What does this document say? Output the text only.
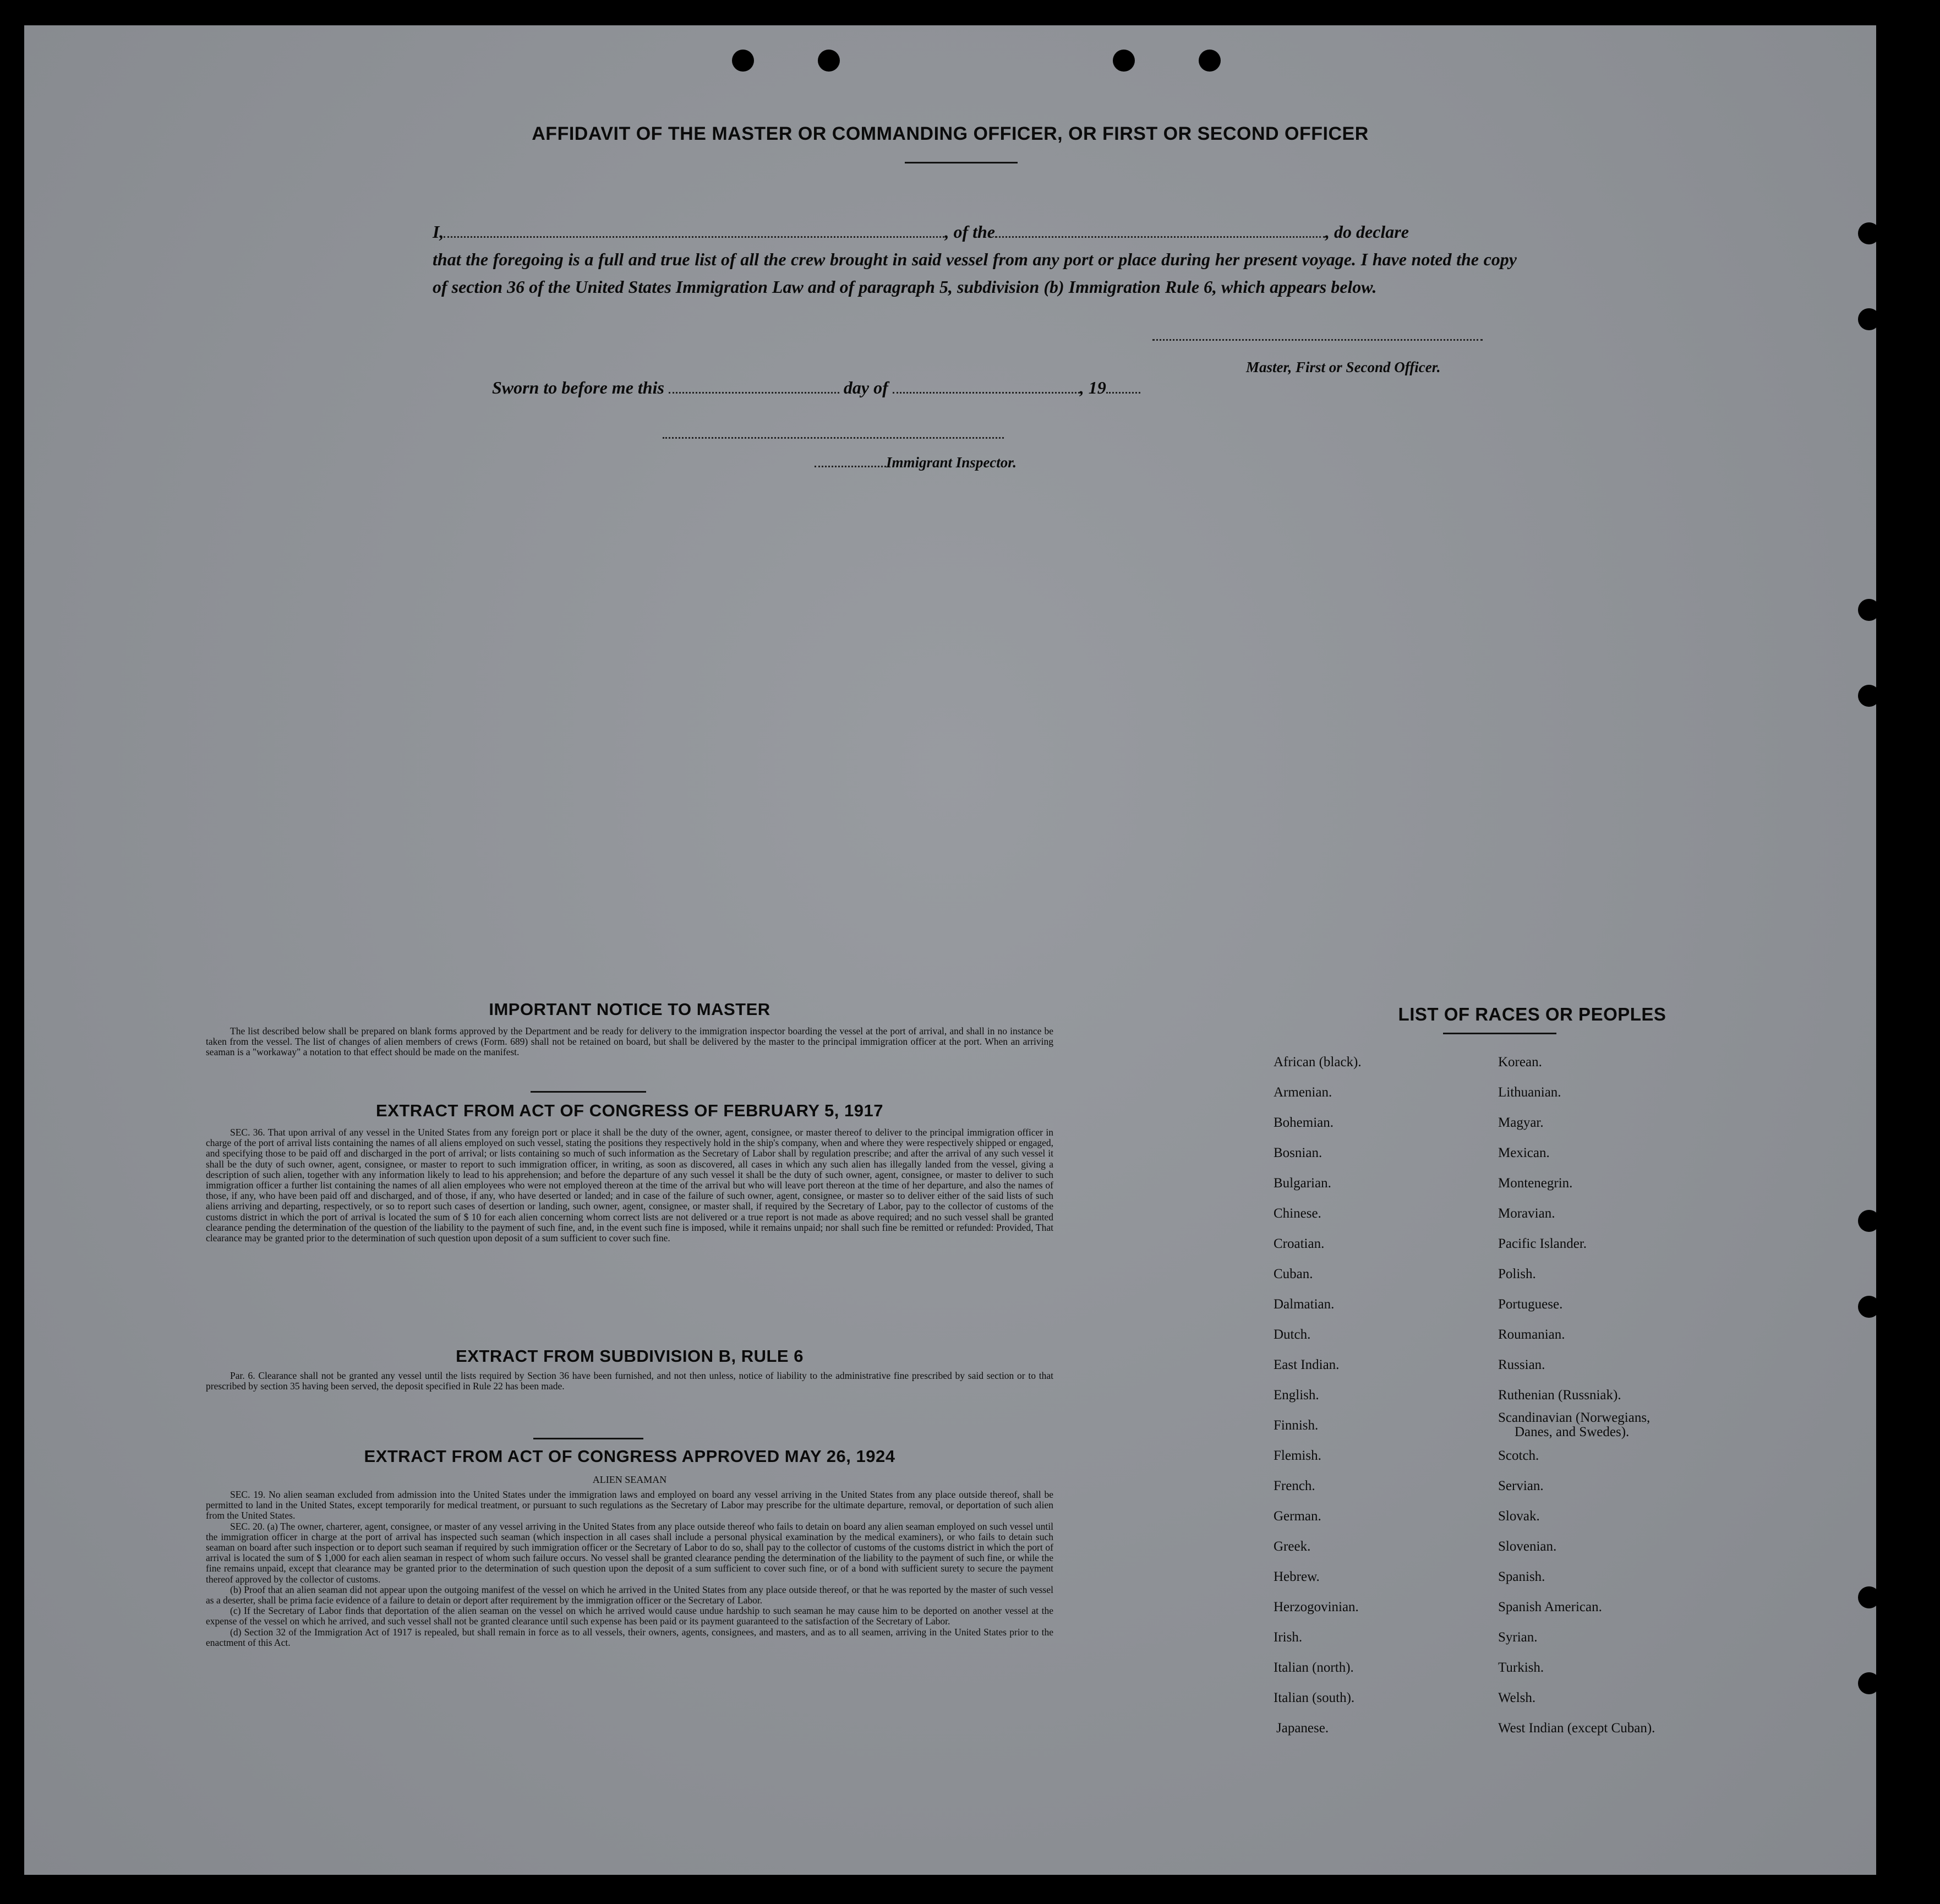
AFFIDAVIT OF THE MASTER OR COMMANDING OFFICER, OR FIRST OR SECOND OFFICER
I,	, of the	, do declare
that the foregoing is a full and true list of all the crew brought in said vessel from any port or place during her present voyage. I have noted the copy of section 36 of the United States Immigration Law and of paragraph 5, subdivision (b) Immigration Rule 6, which appears below.
Master, First or Second Officer.
Sworn to before me this	day of	, 19
Immigrant Inspector.
IMPORTANT NOTICE TO MASTER

The list described below shall be prepared on blank forms approved by the Department and be ready for delivery to the immigration inspector boarding the vessel at the port of arrival, and shall in no instance be taken from the vessel. The list of changes of alien members of crews (Form. 689) shall not be retained on board, but shall be delivered by the master to the principal immigration officer at the port. When an arriving seaman is a "workaway" a notation to that effect should be made on the manifest.

EXTRACT FROM ACT OF CONGRESS OF FEBRUARY 5, 1917

SEC. 36. That upon arrival of any vessel in the United States from any foreign port or place it shall be the duty of the owner, agent, consignee, or master thereof to deliver to the principal immigration officer in charge of the port of arrival lists containing the names of all aliens employed on such vessel, stating the positions they respectively hold in the ship's company, when and where they were respectively shipped or engaged, and specifying those to be paid off and discharged in the port of arrival; or lists containing so much of such information as the Secretary of Labor shall by regulation prescribe; and after the arrival of any such vessel it shall be the duty of such owner, agent, consignee, or master to report to such immigration officer, in writing, as soon as discovered, all cases in which any such alien has illegally landed from the vessel, giving a description of such alien, together with any information likely to lead to his apprehension; and before the departure of any such vessel it shall be the duty of such owner, agent, consignee, or master to deliver to such immigration officer a further list containing the names of all alien employees who were not employed thereon at the time of the arrival but who will leave port thereon at the time of her departure, and also the names of those, if any, who have been paid off and discharged, and of those, if any, who have deserted or landed; and in case of the failure of such owner, agent, consignee, or master so to deliver either of the said lists of such aliens arriving and departing, respectively, or so to report such cases of desertion or landing, such owner, agent, consignee, or master shall, if required by the Secretary of Labor, pay to the collector of customs of the customs district in which the port of arrival is located the sum of $ 10 for each alien concerning whom correct lists are not delivered or a true report is not made as above required; and no such vessel shall be granted clearance pending the determination of the question of the liability to the payment of such fine, and, in the event such fine is imposed, while it remains unpaid; nor shall such fine be remitted or refunded: Provided, That clearance may be granted prior to the determination of such question upon deposit of a sum sufficient to cover such fine.

EXTRACT FROM SUBDIVISION B, RULE 6

Par. 6. Clearance shall not be granted any vessel until the lists required by Section 36 have been furnished, and not then unless, notice of liability to the administrative fine prescribed by said section or to that prescribed by section 35 having been served, the deposit specified in Rule 22 has been made.

EXTRACT FROM ACT OF CONGRESS APPROVED MAY 26, 1924
ALIEN SEAMAN

SEC. 19. No alien seaman excluded from admission into the United States under the immigration laws and employed on board any vessel arriving in the United States from any place outside thereof, shall be permitted to land in the United States, except temporarily for medical treatment, or pursuant to such regulations as the Secretary of Labor may prescribe for the ultimate departure, removal, or deportation of such alien from the United States.

SEC. 20. (a) The owner, charterer, agent, consignee, or master of any vessel arriving in the United States from any place outside thereof who fails to detain on board any alien seaman employed on such vessel until the immigration officer in charge at the port of arrival has inspected such seaman (which inspection in all cases shall include a personal physical examination by the medical examiners), or who fails to detain such seaman on board after such inspection or to deport such seaman if required by such immigration officer or the Secretary of Labor to do so, shall pay to the collector of customs of the customs district in which the port of arrival is located the sum of $ 1,000 for each alien seaman in respect of whom such failure occurs. No vessel shall be granted clearance pending the determination of the liability to the payment of such fine, or while the fine remains unpaid, except that clearance may be granted prior to the determination of such question upon the deposit of a sum sufficient to cover such fine, or of a bond with sufficient surety to secure the payment thereof approved by the collector of customs.

(b) Proof that an alien seaman did not appear upon the outgoing manifest of the vessel on which he arrived in the United States from any place outside thereof, or that he was reported by the master of such vessel as a deserter, shall be prima facie evidence of a failure to detain or deport after requirement by the immigration officer or the Secretary of Labor.

(c) If the Secretary of Labor finds that deportation of the alien seaman on the vessel on which he arrived would cause undue hardship to such seaman he may cause him to be deported on another vessel at the expense of the vessel on which he arrived, and such vessel shall not be granted clearance until such expense has been paid or its payment guaranteed to the satisfaction of the Secretary of Labor.

(d) Section 32 of the Immigration Act of 1917 is repealed, but shall remain in force as to all vessels, their owners, agents, consignees, and masters, and as to all seamen, arriving in the United States prior to the enactment of this Act.

LIST OF RACES OR PEOPLES
African (black).
Armenian.
Bohemian.
Bosnian.
Bulgarian.
Chinese.
Croatian.
Cuban.
Dalmatian.
Dutch.
East Indian.
English.
Finnish.
Flemish.
French.
German.
Greek.
Hebrew.
Herzogovinian.
Irish.
Italian (north).
Italian (south).
Japanese.
Korean.
Lithuanian.
Magyar.
Mexican.
Montenegrin.
Moravian.
Pacific Islander.
Polish.
Portuguese.
Roumanian.
Russian.
Ruthenian (Russniak).
Scandinavian (Norwegians,
Danes, and Swedes).
Scotch.
Servian.
Slovak.
Slovenian.
Spanish.
Spanish American.
Syrian.
Turkish.
Welsh.
West Indian (except Cuban).
